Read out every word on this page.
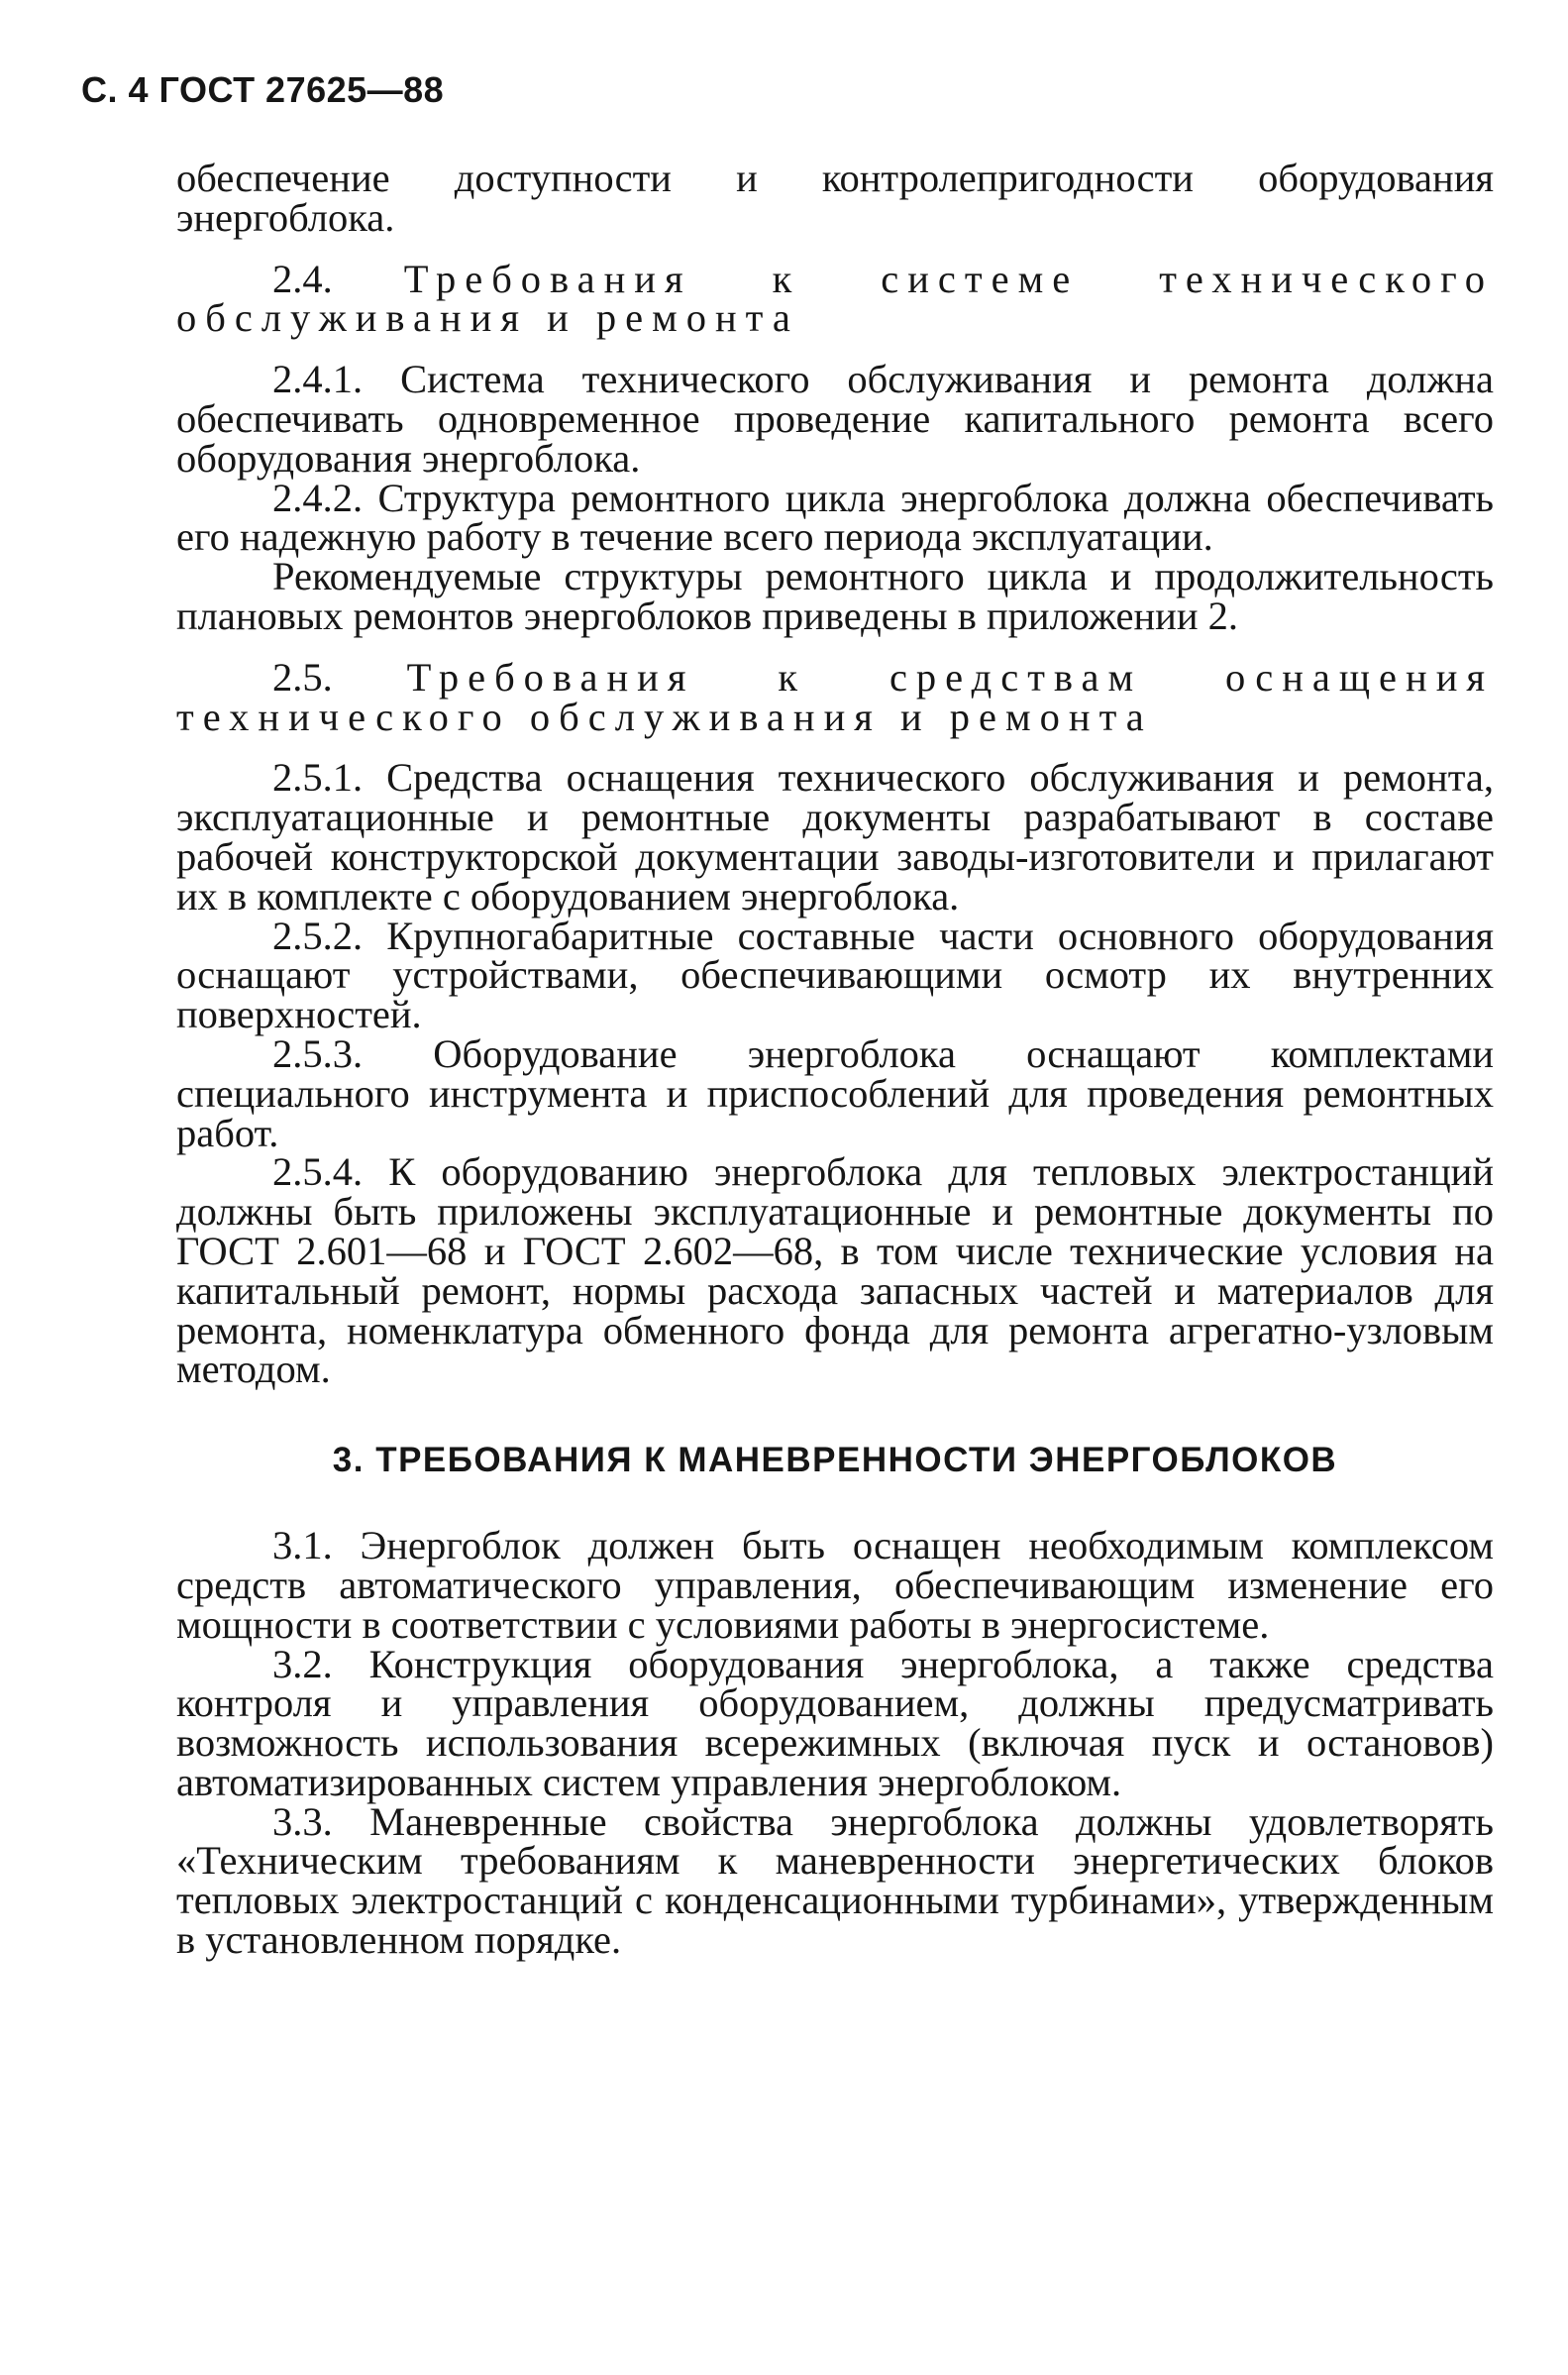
С. 4 ГОСТ 27625—88

обеспечение доступности и контролепригодности оборудования энергоблока.

2.4. Требования к системе технического обслуживания и ремонта

2.4.1. Система технического обслуживания и ремонта должна обеспечивать одновременное проведение капитального ремонта всего оборудования энергоблока.

2.4.2. Структура ремонтного цикла энергоблока должна обеспечивать его надежную работу в течение всего периода эксплуатации.

Рекомендуемые структуры ремонтного цикла и продолжительность плановых ремонтов энергоблоков приведены в приложении 2.

2.5. Требования к средствам оснащения технического обслуживания и ремонта

2.5.1. Средства оснащения технического обслуживания и ремонта, эксплуатационные и ремонтные документы разрабатывают в составе рабочей конструкторской документации заводы-изготовители и прилагают их в комплекте с оборудованием энергоблока.

2.5.2. Крупногабаритные составные части основного оборудования оснащают устройствами, обеспечивающими осмотр их внутренних поверхностей.

2.5.3. Оборудование энергоблока оснащают комплектами специального инструмента и приспособлений для проведения ремонтных работ.

2.5.4. К оборудованию энергоблока для тепловых электростанций должны быть приложены эксплуатационные и ремонтные документы по ГОСТ 2.601—68 и ГОСТ 2.602—68, в том числе технические условия на капитальный ремонт, нормы расхода запасных частей и материалов для ремонта, номенклатура обменного фонда для ремонта агрегатно-узловым методом.

3. ТРЕБОВАНИЯ К МАНЕВРЕННОСТИ ЭНЕРГОБЛОКОВ

3.1. Энергоблок должен быть оснащен необходимым комплексом средств автоматического управления, обеспечивающим изменение его мощности в соответствии с условиями работы в энергосистеме.

3.2. Конструкция оборудования энергоблока, а также средства контроля и управления оборудованием, должны предусматривать возможность использования всережимных (включая пуск и остановов) автоматизированных систем управления энергоблоком.

3.3. Маневренные свойства энергоблока должны удовлетворять «Техническим требованиям к маневренности энергетических блоков тепловых электростанций с конденсационными турбинами», утвержденным в установленном порядке.
